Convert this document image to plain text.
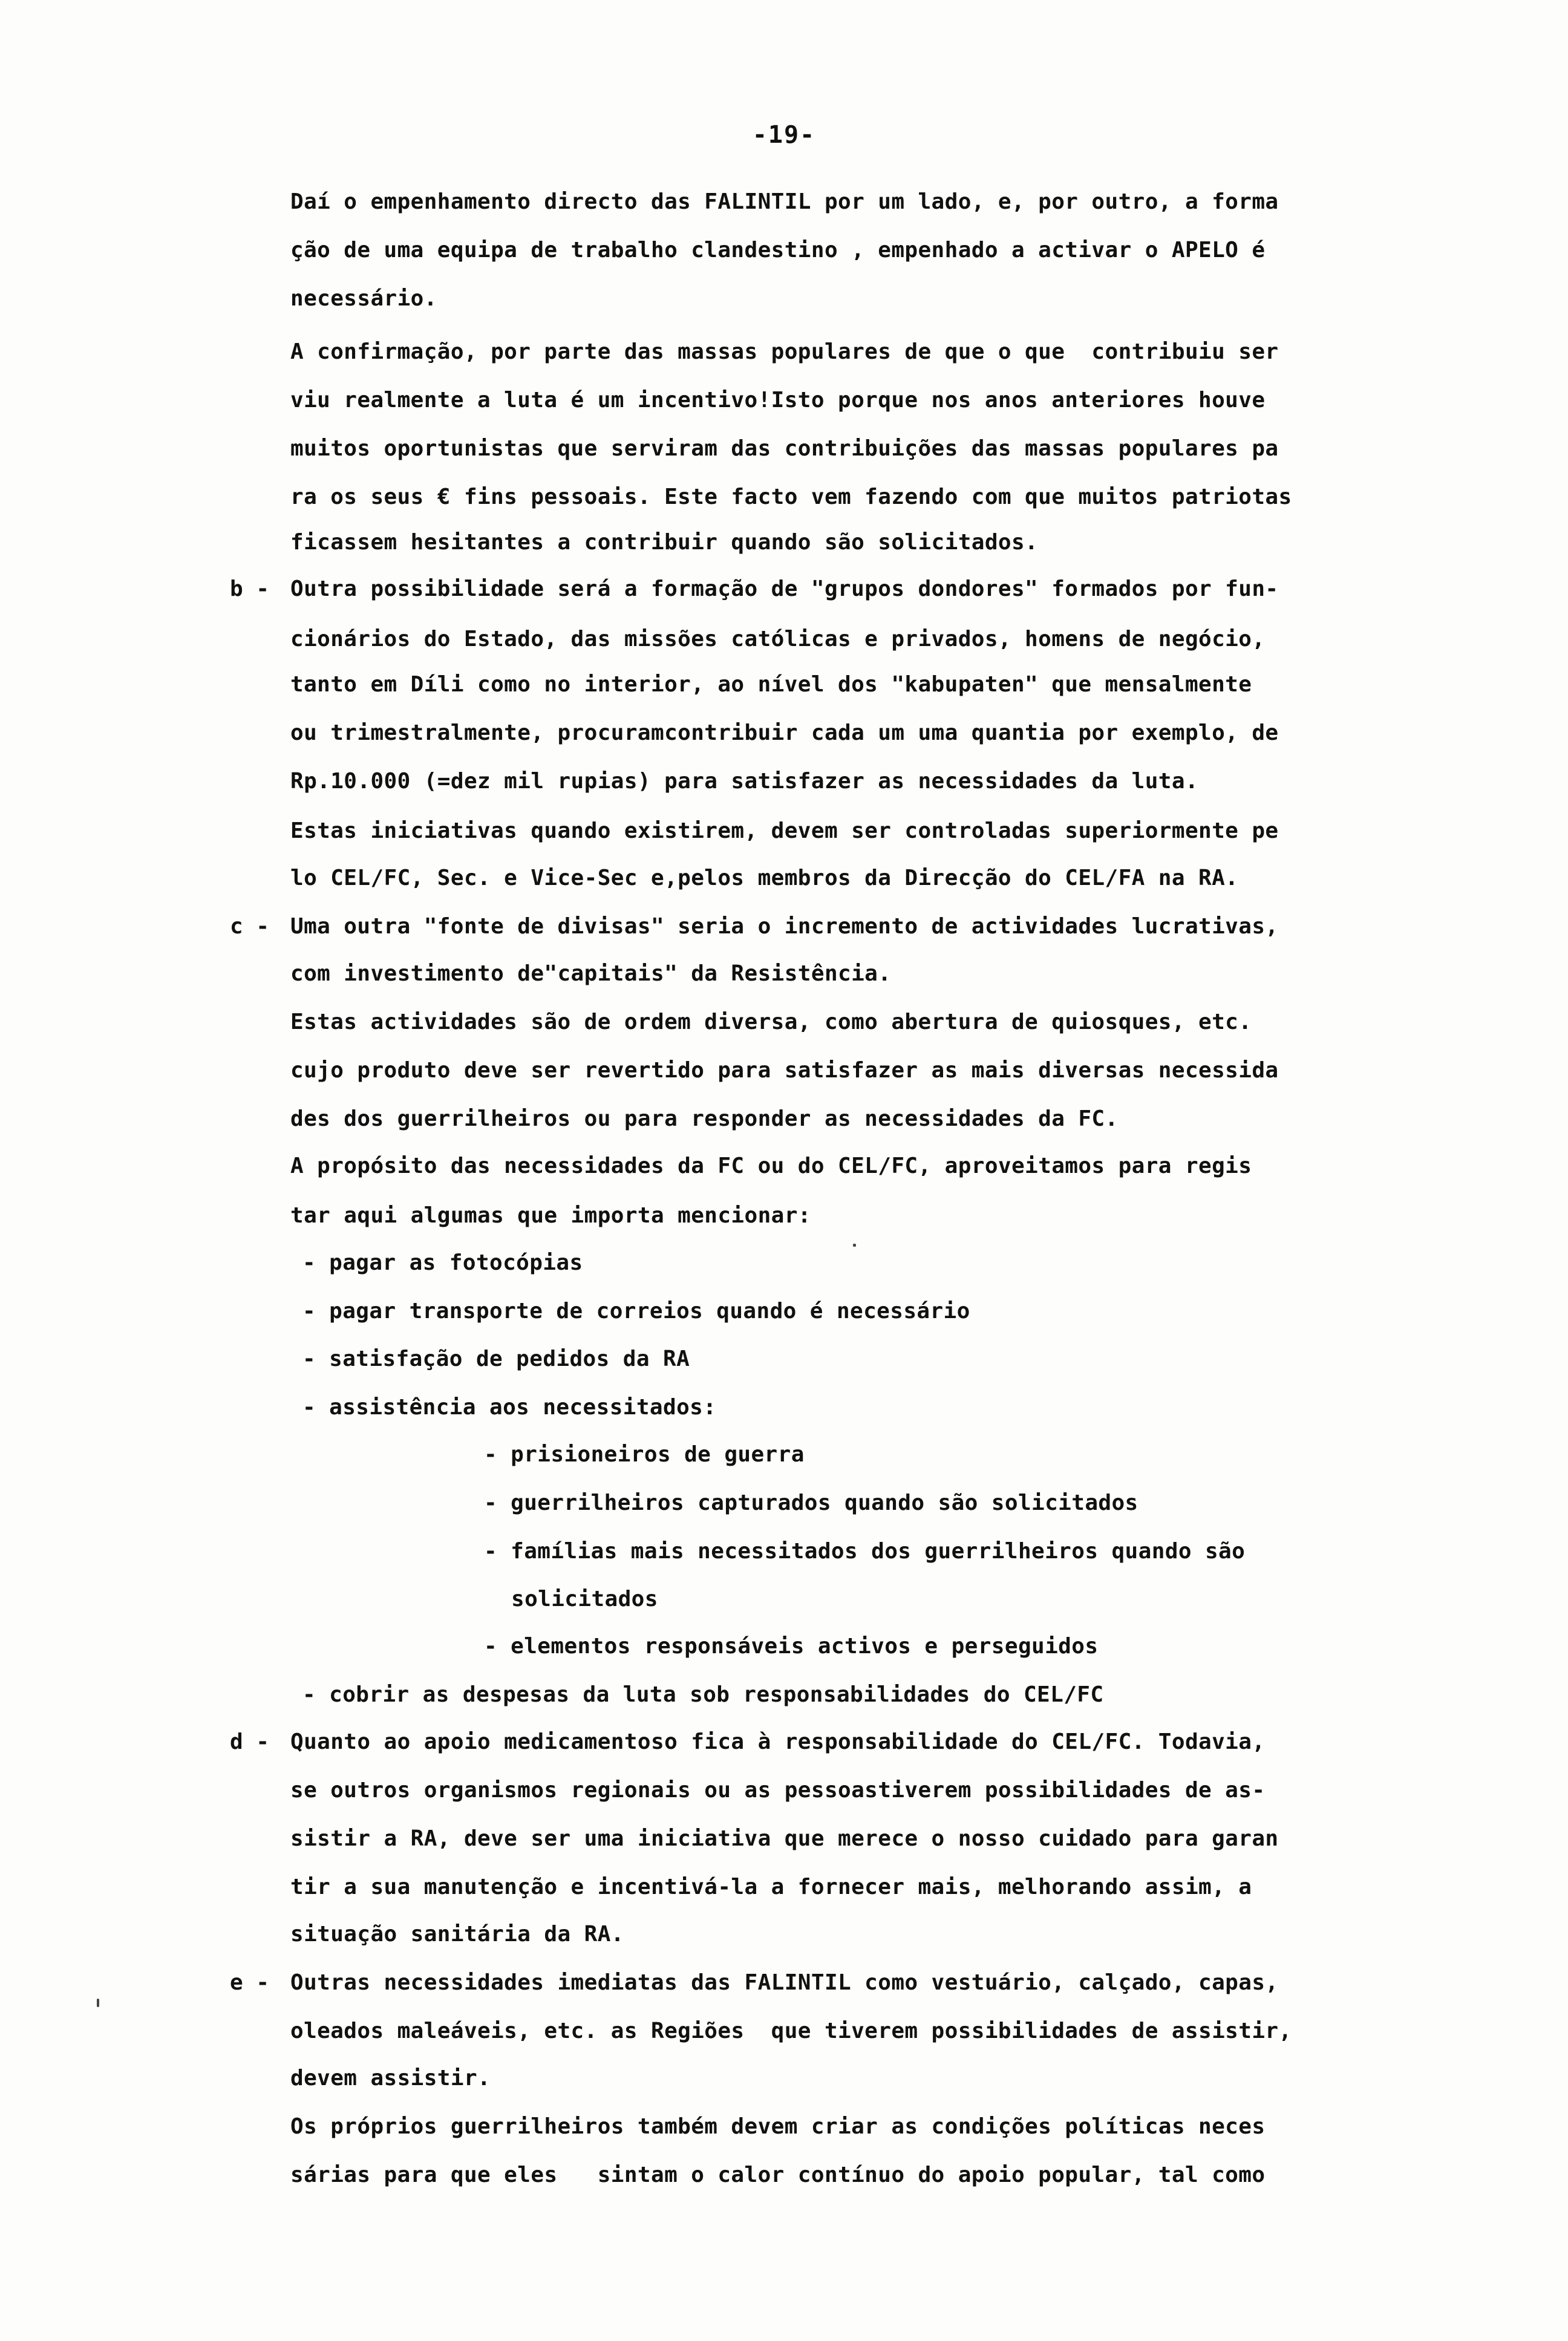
-19-
Daí o empenhamento directo das FALINTIL por um lado, e, por outro, a forma
ção de uma equipa de trabalho clandestino , empenhado a activar o APELO é
necessário.
A confirmação, por parte das massas populares de que o que  contribuiu ser
viu realmente a luta é um incentivo!Isto porque nos anos anteriores houve
muitos oportunistas que serviram das contribuições das massas populares pa
ra os seus € fins pessoais. Este facto vem fazendo com que muitos patriotas
ficassem hesitantes a contribuir quando são solicitados.
b - Outra possibilidade será a formação de "grupos dondores" formados por fun-
cionários do Estado, das missões católicas e privados, homens de negócio,
tanto em Díli como no interior, ao nível dos "kabupaten" que mensalmente
ou trimestralmente, procuramcontribuir cada um uma quantia por exemplo, de
Rp.10.000 (=dez mil rupias) para satisfazer as necessidades da luta.
Estas iniciativas quando existirem, devem ser controladas superiormente pe
lo CEL/FC, Sec. e Vice-Sec e,pelos membros da Direcção do CEL/FA na RA.
c - Uma outra "fonte de divisas" seria o incremento de actividades lucrativas,
com investimento de"capitais" da Resistência.
Estas actividades são de ordem diversa, como abertura de quiosques, etc.
cujo produto deve ser revertido para satisfazer as mais diversas necessida
des dos guerrilheiros ou para responder as necessidades da FC.
A propósito das necessidades da FC ou do CEL/FC, aproveitamos para regis
tar aqui algumas que importa mencionar:
- pagar as fotocópias
- pagar transporte de correios quando é necessário
- satisfação de pedidos da RA
- assistência aos necessitados:
- prisioneiros de guerra
- guerrilheiros capturados quando são solicitados
- famílias mais necessitados dos guerrilheiros quando são
solicitados
- elementos responsáveis activos e perseguidos
- cobrir as despesas da luta sob responsabilidades do CEL/FC
d - Quanto ao apoio medicamentoso fica à responsabilidade do CEL/FC. Todavia,
se outros organismos regionais ou as pessoastiverem possibilidades de as-
sistir a RA, deve ser uma iniciativa que merece o nosso cuidado para garan
tir a sua manutenção e incentivá-la a fornecer mais, melhorando assim, a
situação sanitária da RA.
e - Outras necessidades imediatas das FALINTIL como vestuário, calçado, capas,
oleados maleáveis, etc. as Regiões  que tiverem possibilidades de assistir,
devem assistir.
Os próprios guerrilheiros também devem criar as condições políticas neces
sárias para que eles   sintam o calor contínuo do apoio popular, tal como
